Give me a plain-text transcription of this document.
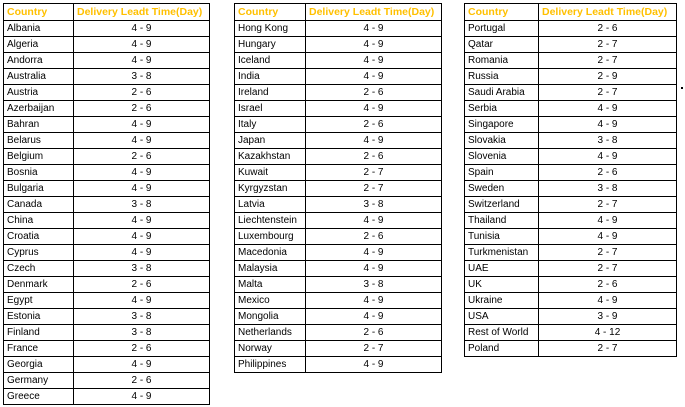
Country	Delivery Leadt Time(Day)
Albania	4 - 9
Algeria	4 - 9
Andorra	4 - 9
Australia	3 - 8
Austria	2 - 6
Azerbaijan	2 - 6
Bahran	4 - 9
Belarus	4 - 9
Belgium	2 - 6
Bosnia	4 - 9
Bulgaria	4 - 9
Canada	3 - 8
China	4 - 9
Croatia	4 - 9
Cyprus	4 - 9
Czech	3 - 8
Denmark	2 - 6
Egypt	4 - 9
Estonia	3 - 8
Finland	3 - 8
France	2 - 6
Georgia	4 - 9
Germany	2 - 6
Greece	4 - 9
Country	Delivery Leadt Time(Day)
Hong Kong	4 - 9
Hungary	4 - 9
Iceland	4 - 9
India	4 - 9
Ireland	2 - 6
Israel	4 - 9
Italy	2 - 6
Japan	4 - 9
Kazakhstan	2 - 6
Kuwait	2 - 7
Kyrgyzstan	2 - 7
Latvia	3 - 8
Liechtenstein	4 - 9
Luxembourg	2 - 6
Macedonia	4 - 9
Malaysia	4 - 9
Malta	3 - 8
Mexico	4 - 9
Mongolia	4 - 9
Netherlands	2 - 6
Norway	2 - 7
Philippines	4 - 9
Country	Delivery Leadt Time(Day)
Portugal	2 - 6
Qatar	2 - 7
Romania	2 - 7
Russia	2 - 9
Saudi Arabia	2 - 7
Serbia	4 - 9
Singapore	4 - 9
Slovakia	3 - 8
Slovenia	4 - 9
Spain	2 - 6
Sweden	3 - 8
Switzerland	2 - 7
Thailand	4 - 9
Tunisia	4 - 9
Turkmenistan	2 - 7
UAE	2 - 7
UK	2 - 6
Ukraine	4 - 9
USA	3 - 9
Rest of World	4 - 12
Poland	2 - 7
